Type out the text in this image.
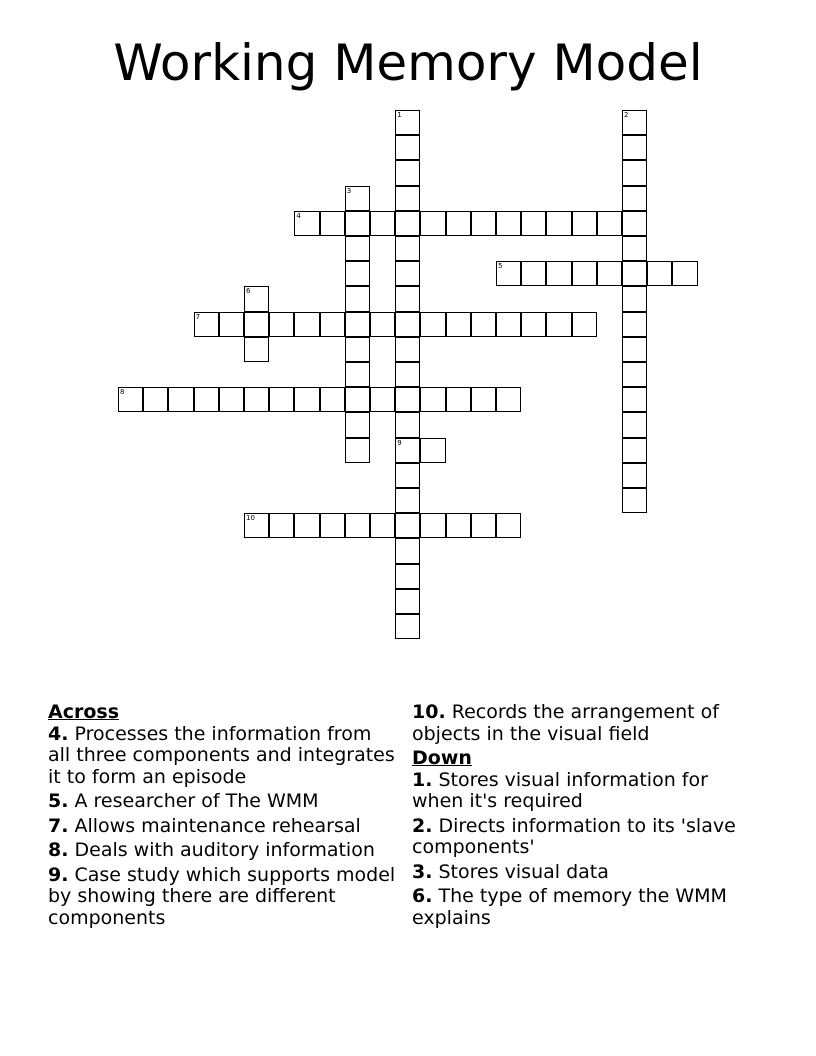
Working Memory Model
1
9
2
3
4
5
6
7
8
10
Across
4. Processes the information from all three components and integrates it to form an episode
5. A researcher of The WMM
7. Allows maintenance rehearsal
8. Deals with auditory information
9. Case study which supports model by showing there are different components
10. Records the arrangement of objects in the visual field
Down
1. Stores visual information for when it's required
2. Directs information to its 'slave components'
3. Stores visual data
6. The type of memory the WMM explains
